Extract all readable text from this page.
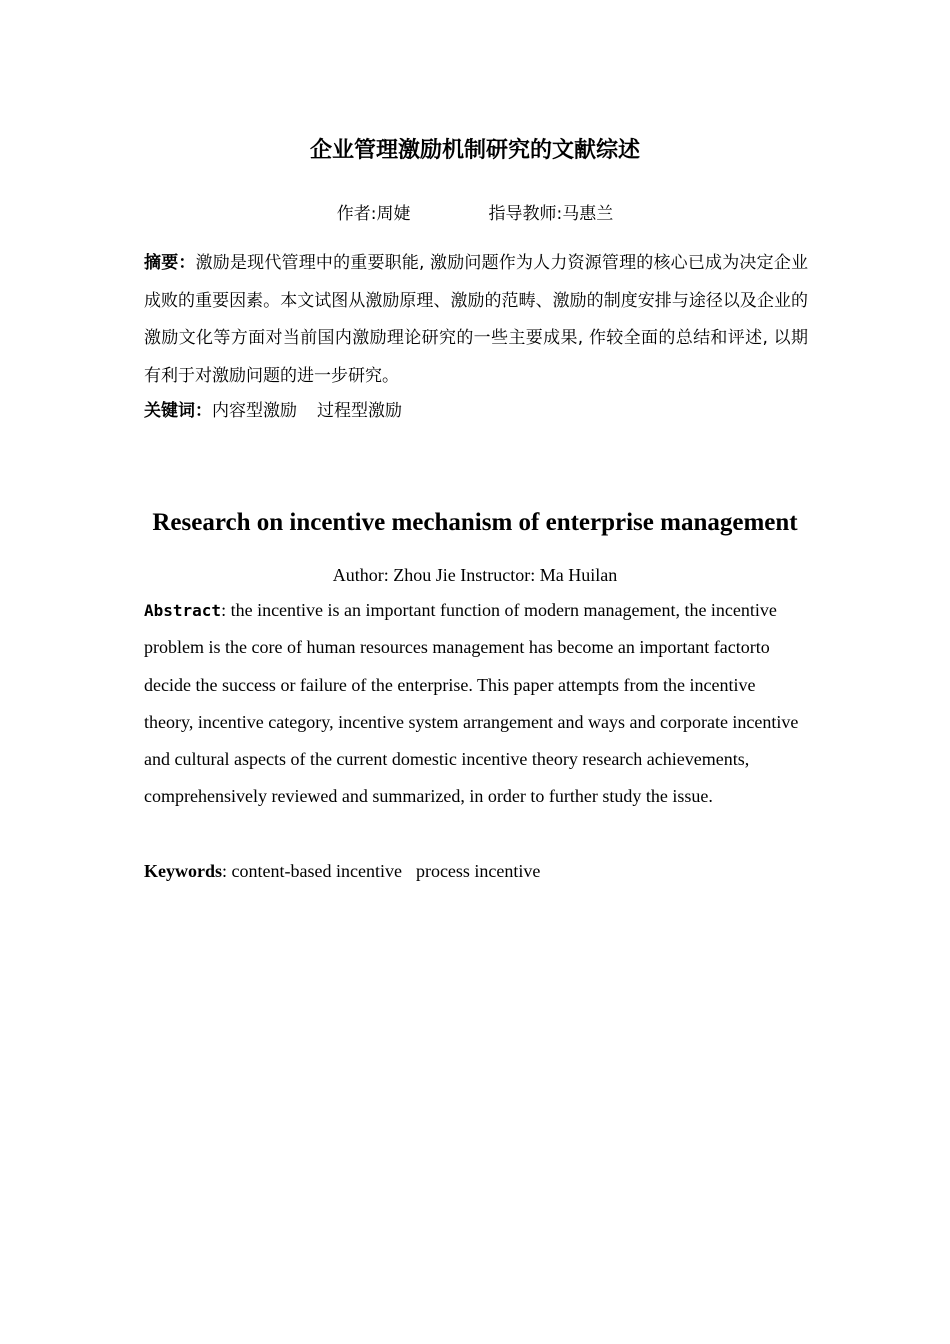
企业管理激励机制研究的文献综述
作者:周婕	指导教师:马惠兰
摘要：激励是现代管理中的重要职能, 激励问题作为人力资源管理的核心已成为决定企业成败的重要因素。本文试图从激励原理、激励的范畴、激励的制度安排与途径以及企业的激励文化等方面对当前国内激励理论研究的一些主要成果, 作较全面的总结和评述, 以期有利于对激励问题的进一步研究。
关键词：内容型激励 过程型激励
Research on incentive mechanism of enterprise management
Author: Zhou Jie Instructor: Ma Huilan
Abstract: the incentive is an important function of modern management, the incentive problem is the core of human resources management has become an important factorto decide the success or failure of the enterprise. This paper attempts from the incentive theory, incentive category, incentive system arrangement and ways and corporate incentive and cultural aspects of the current domestic incentive theory research achievements, comprehensively reviewed and summarized, in order to further study the issue.
Keywords: content-based incentive process incentive
